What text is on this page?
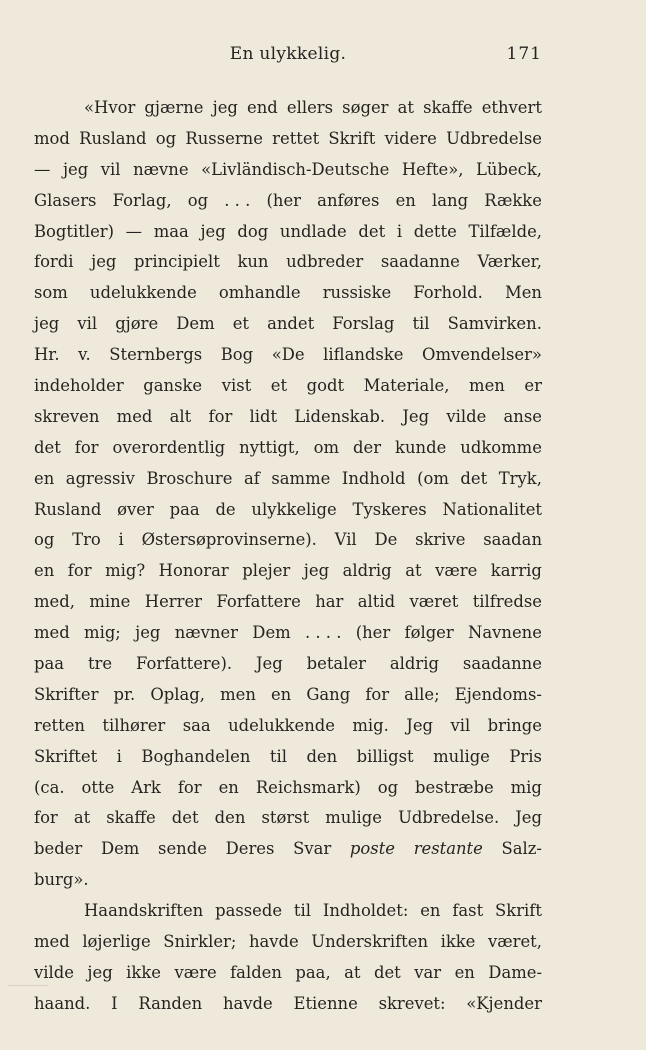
En ulykkelig.	171
«Hvor gjærne jeg end ellers søger at skaffe ethvert
mod Rusland og Russerne rettet Skrift videre Udbredelse
— jeg vil nævne «Livländisch-Deutsche Hefte», Lübeck,
Glasers Forlag, og . . . (her anføres en lang Række
Bogtitler) — maa jeg dog undlade det i dette Tilfælde,
fordi jeg principielt kun udbreder saadanne Værker,
som udelukkende omhandle russiske Forhold. Men
jeg vil gjøre Dem et andet Forslag til Samvirken.
Hr. v. Sternbergs Bog «De liflandske Omvendelser»
indeholder ganske vist et godt Materiale, men er
skreven med alt for lidt Lidenskab. Jeg vilde anse
det for overordentlig nyttigt, om der kunde udkomme
en agressiv Broschure af samme Indhold (om det Tryk,
Rusland øver paa de ulykkelige Tyskeres Nationalitet
og Tro i Østersøprovinserne). Vil De skrive saadan
en for mig? Honorar plejer jeg aldrig at være karrig
med, mine Herrer Forfattere har altid været tilfredse
med mig; jeg nævner Dem . . . . (her følger Navnene
paa tre Forfattere). Jeg betaler aldrig saadanne
Skrifter pr. Oplag, men en Gang for alle; Ejendoms-
retten tilhører saa udelukkende mig. Jeg vil bringe
Skriftet i Boghandelen til den billigst mulige Pris
(ca. otte Ark for en Reichsmark) og bestræbe mig
for at skaffe det den størst mulige Udbredelse. Jeg
beder Dem sende Deres Svar poste restante Salz-
burg».
Haandskriften passede til Indholdet: en fast Skrift
med løjerlige Snirkler; havde Underskriften ikke været,
vilde jeg ikke være falden paa, at det var en Dame-
haand. I Randen havde Etienne skrevet: «Kjender
